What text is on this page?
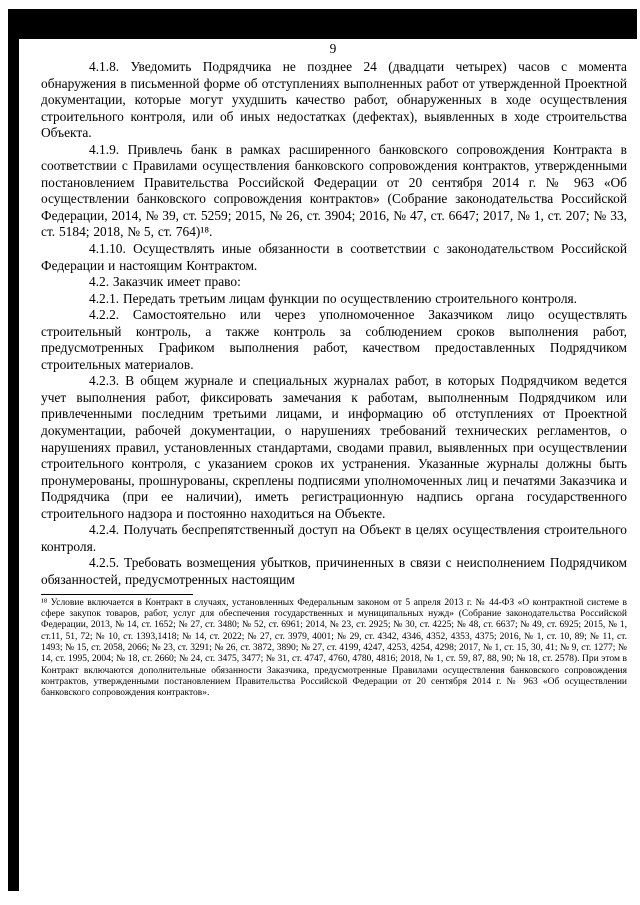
9

4.1.8. Уведомить Подрядчика не позднее 24 (двадцати четырех) часов с момента обнаружения в письменной форме об отступлениях выполненных работ от утвержденной Проектной документации, которые могут ухудшить качество работ, обнаруженных в ходе осуществления строительного контроля, или об иных недостатках (дефектах), выявленных в ходе строительства Объекта.

4.1.9. Привлечь банк в рамках расширенного банковского сопровождения Контракта в соответствии с Правилами осуществления банковского сопровождения контрактов, утвержденными постановлением Правительства Российской Федерации от 20 сентября 2014 г. № 963 «Об осуществлении банковского сопровождения контрактов» (Собрание законодательства Российской Федерации, 2014, № 39, ст. 5259; 2015, № 26, ст. 3904; 2016, № 47, ст. 6647; 2017, № 1, ст. 207; № 33, ст. 5184; 2018, № 5, ст. 764)¹⁸.

4.1.10. Осуществлять иные обязанности в соответствии с законодательством Российской Федерации и настоящим Контрактом.

4.2. Заказчик имеет право:

4.2.1. Передать третьим лицам функции по осуществлению строительного контроля.

4.2.2. Самостоятельно или через уполномоченное Заказчиком лицо осуществлять строительный контроль, а также контроль за соблюдением сроков выполнения работ, предусмотренных Графиком выполнения работ, качеством предоставленных Подрядчиком строительных материалов.

4.2.3. В общем журнале и специальных журналах работ, в которых Подрядчиком ведется учет выполнения работ, фиксировать замечания к работам, выполненным Подрядчиком или привлеченными последним третьими лицами, и информацию об отступлениях от Проектной документации, рабочей документации, о нарушениях требований технических регламентов, о нарушениях правил, установленных стандартами, сводами правил, выявленных при осуществлении строительного контроля, с указанием сроков их устранения. Указанные журналы должны быть пронумерованы, прошнурованы, скреплены подписями уполномоченных лиц и печатями Заказчика и Подрядчика (при ее наличии), иметь регистрационную надпись органа государственного строительного надзора и постоянно находиться на Объекте.

4.2.4. Получать беспрепятственный доступ на Объект в целях осуществления строительного контроля.

4.2.5. Требовать возмещения убытков, причиненных в связи с неисполнением Подрядчиком обязанностей, предусмотренных настоящим

¹⁸ Условие включается в Контракт в случаях, установленных Федеральным законом от 5 апреля 2013 г. № 44-ФЗ «О контрактной системе в сфере закупок товаров, работ, услуг для обеспечения государственных и муниципальных нужд» (Собрание законодательства Российской Федерации, 2013, № 14, ст. 1652; № 27, ст. 3480; № 52, ст. 6961; 2014, № 23, ст. 2925; № 30, ст. 4225; № 48, ст. 6637; № 49, ст. 6925; 2015, № 1, ст.11, 51, 72; № 10, ст. 1393,1418; № 14, ст. 2022; № 27, ст. 3979, 4001; № 29, ст. 4342, 4346, 4352, 4353, 4375; 2016, № 1, ст. 10, 89; № 11, ст. 1493; № 15, ст. 2058, 2066; № 23, ст. 3291; № 26, ст. 3872, 3890; № 27, ст. 4199, 4247, 4253, 4254, 4298; 2017, № 1, ст. 15, 30, 41; № 9, ст. 1277; № 14, ст. 1995, 2004; № 18, ст. 2660; № 24, ст. 3475, 3477; № 31, ст. 4747, 4760, 4780, 4816; 2018, № 1, ст. 59, 87, 88, 90; № 18, ст. 2578). При этом в Контракт включаются дополнительные обязанности Заказчика, предусмотренные Правилами осуществления банковского сопровождения контрактов, утвержденными постановлением Правительства Российской Федерации от 20 сентября 2014 г. № 963 «Об осуществлении банковского сопровождения контрактов».
